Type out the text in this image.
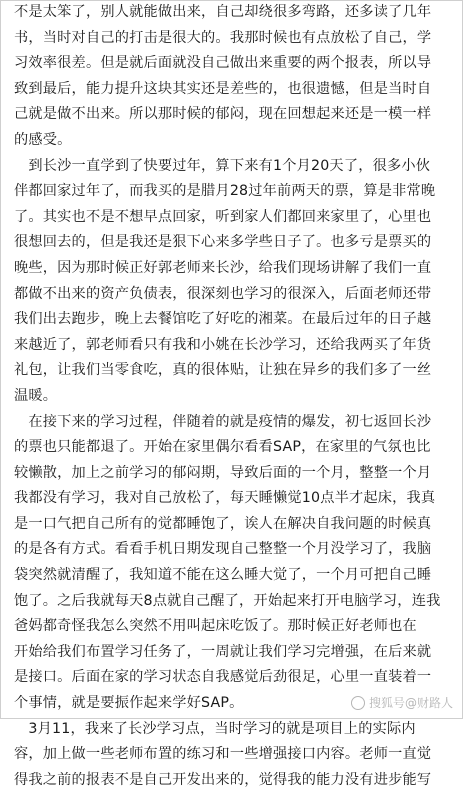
不是太笨了，别人就能做出来，自己却绕很多弯路，还多读了几年
书，当时对自己的打击是很大的。我那时候也有点放松了自己，学
习效率很差。但是就后面就没自己做出来重要的两个报表，所以导
致到最后，能力提升这块其实还是差些的，也很遗憾，但是当时自
己就是做不出来。所以那时候的郁闷，现在回想起来还是一模一样
的感受。

　到长沙一直学到了快要过年，算下来有1个月20天了，很多小伙
伴都回家过年了，而我买的是腊月28过年前两天的票，算是非常晚
了。其实也不是不想早点回家，听到家人们都回来家里了，心里也
很想回去的，但是我还是狠下心来多学些日子了。也多亏是票买的
晚些，因为那时候正好郭老师来长沙，给我们现场讲解了我们一直
都做不出来的资产负债表，很深刻也学习的很深入，后面老师还带
我们出去跑步，晚上去餐馆吃了好吃的湘菜。在最后过年的日子越
来越近了，郭老师看只有我和小姚在长沙学习，还给我两买了年货
礼包，让我们当零食吃，真的很体贴，让独在异乡的我们多了一丝
温暖。

　在接下来的学习过程，伴随着的就是疫情的爆发，初七返回长沙
的票也只能都退了。开始在家里偶尔看看SAP，在家里的气氛也比
较懒散，加上之前学习的郁闷期，导致后面的一个月，整整一个月
我都没有学习，我对自己放松了，每天睡懒觉10点半才起床，我真
是一口气把自己所有的觉都睡饱了，诶人在解决自我问题的时候真
的是各有方式。看看手机日期发现自己整整一个月没学习了，我脑
袋突然就清醒了，我知道不能在这么睡大觉了，一个月可把自己睡
饱了。之后我就每天8点就自己醒了，开始起来打开电脑学习，连我
爸妈都奇怪我怎么突然不用叫起床吃饭了。那时候正好老师也在
开始给我们布置学习任务了，一周就让我们学习完增强，在后来就
是接口。后面在家的学习状态自我感觉后劲很足，心里一直装着一
个事情，就是要振作起来学好SAP。

　3月11，我来了长沙学习点，当时学习的就是项目上的实际内
容，加上做一些老师布置的练习和一些增强接口内容。老师一直觉
得我之前的报表不是自己开发出来的，觉得我的能力没有进步能写

搜狐号@财路人
